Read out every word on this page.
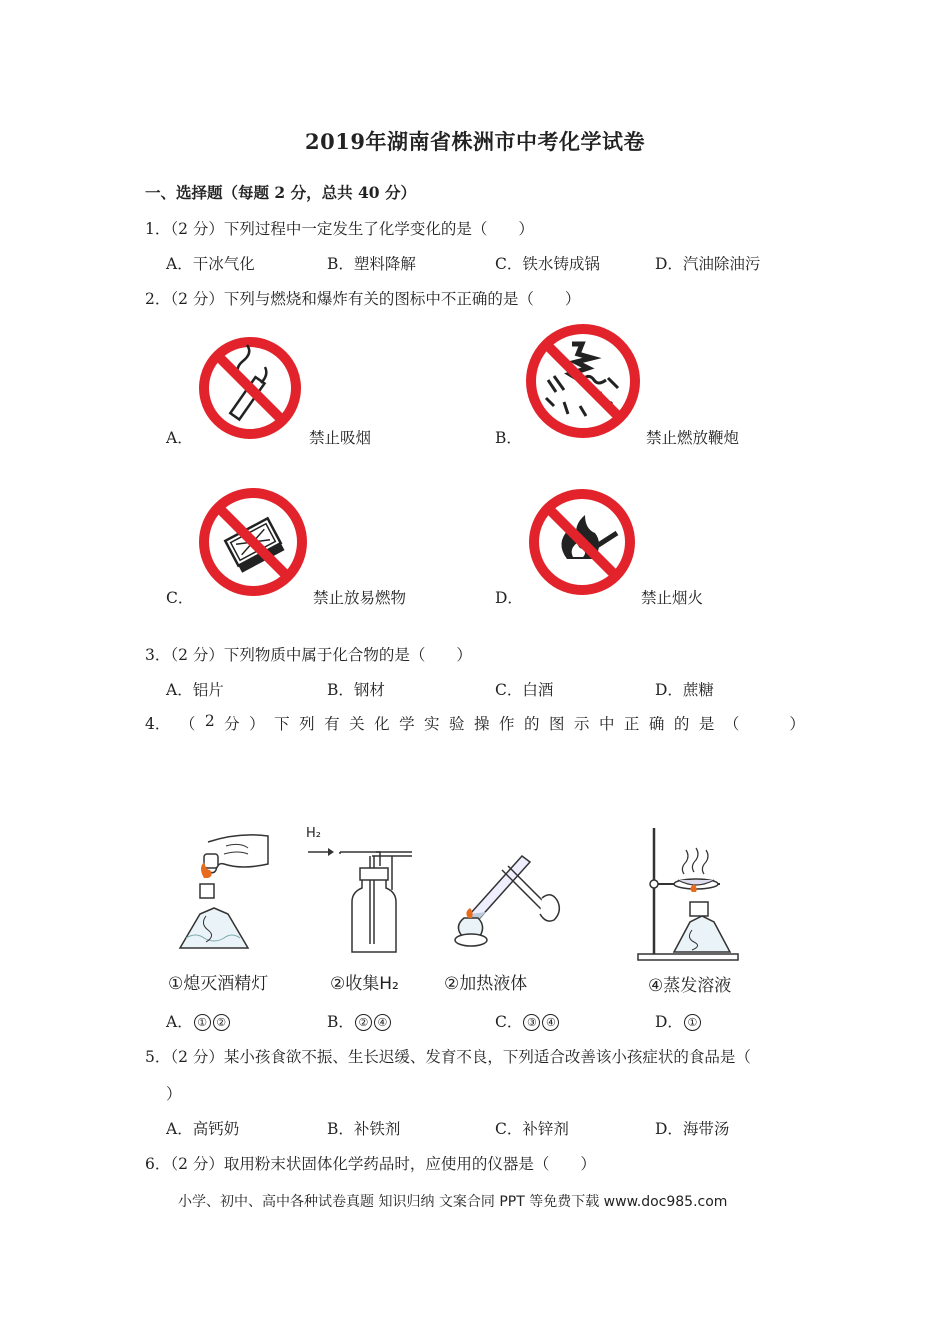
2019年湖南省株洲市中考化学试卷
一、选择题（每题 2 分，总共 40 分）
1．（2 分）下列过程中一定发生了化学变化的是（　　）
A．干冰气化	B．塑料降解	C．铁水铸成锅	D．汽油除油污
2．（2 分）下列与燃烧和爆炸有关的图标中不正确的是（　　）
A．	禁止吸烟	B．	禁止燃放鞭炮
C．	禁止放易燃物	D．	禁止烟火
3．（2 分）下列物质中属于化合物的是（　　）
A．铝片	B．钢材	C．白酒	D．蔗糖
4． （ 2 分 ） 下 列 有 关 化 学 实 验 操 作 的 图 示 中 正 确 的 是 （
　　	）
①熄灭酒精灯
H₂
②收集H₂	②加热液体	④蒸发溶液
A． ① ②	B． ② ④	C． ③ ④	D． ①
5．（2 分）某小孩食欲不振、生长迟缓、发育不良，下列适合改善该小孩症状的食品是（
）
A．高钙奶	B．补铁剂	C．补锌剂	D．海带汤
6．（2 分）取用粉末状固体化学药品时，应使用的仪器是（　　）
小学、初中、高中各种试卷真题 知识归纳 文案合同 PPT 等免费下载 www.doc985.com
